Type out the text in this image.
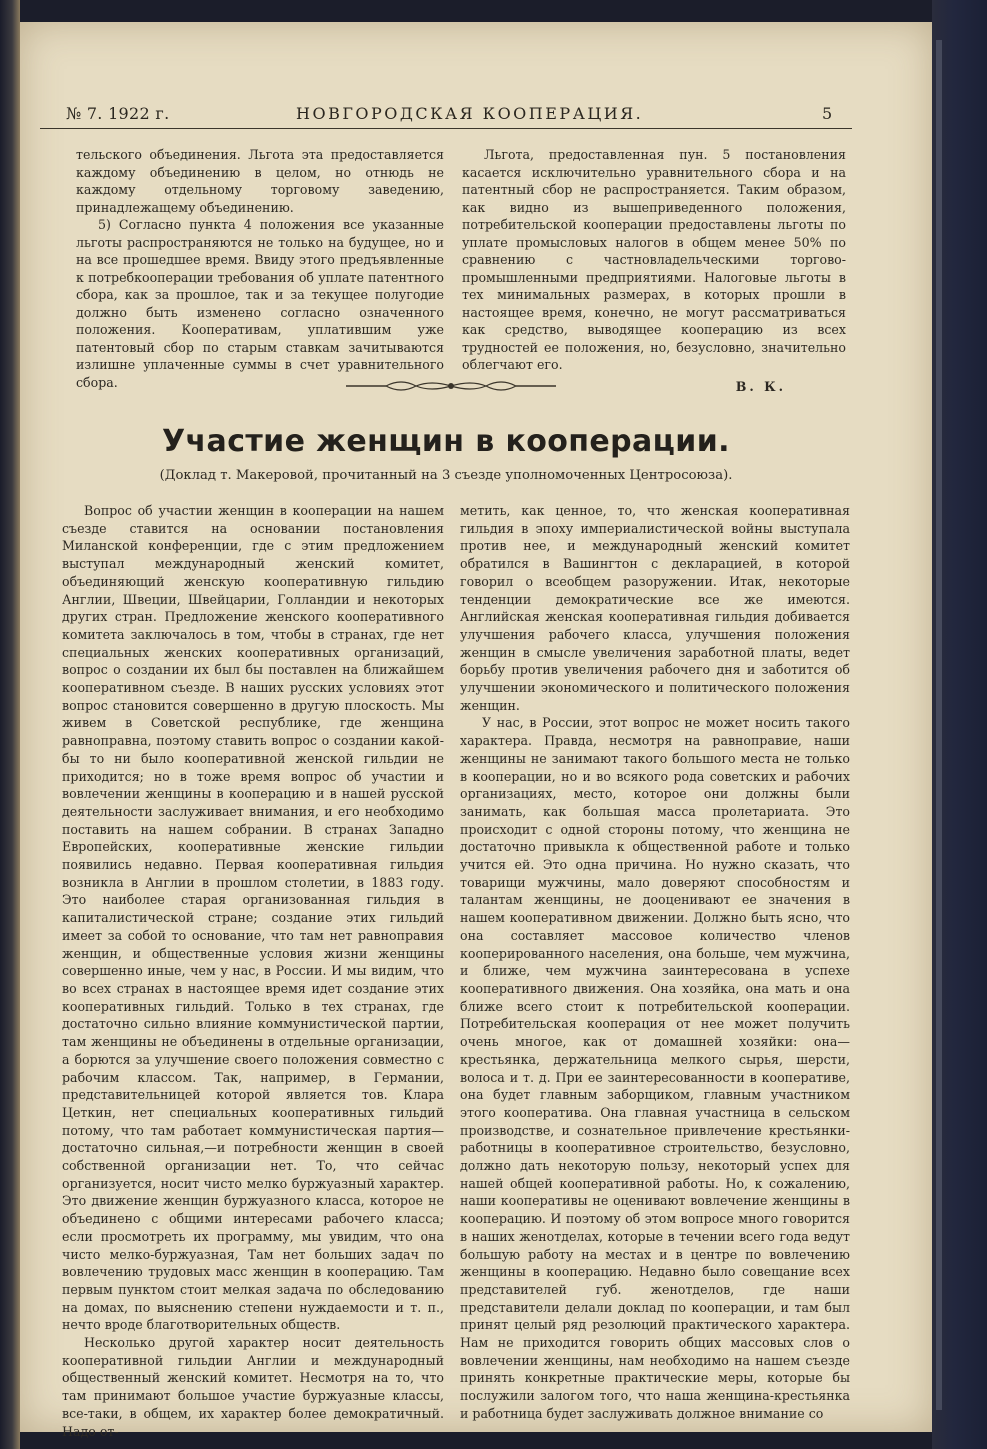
№ 7. 1922 г.	НОВГОРОДСКАЯ КООПЕРАЦИЯ.	5

тельского объединения. Льгота эта предоставляется каждому объединению в целом, но отнюдь не каждому отдельному торговому заведению, принадлежащему объединению.

5) Согласно пункта 4 положения все указанные льготы распространяются не только на будущее, но и на все прошедшее время. Ввиду этого предъявленные к потребкооперации требования об уплате патентного сбора, как за прошлое, так и за текущее полугодие должно быть изменено согласно означенного положения. Кооперативам, уплатившим уже патентовый сбор по старым ставкам зачитываются излишне уплаченные суммы в счет уравнительного сбора.

Льгота, предоставленная пун. 5 постановления касается исключительно уравнительного сбора и на патентный сбор не распространяется. Таким образом, как видно из вышеприведенного положения, потребительской кооперации предоставлены льготы по уплате промысловых налогов в общем менее 50% по сравнению с частновладельческими торгово-промышленными предприятиями. Налоговые льготы в тех минимальных размерах, в которых прошли в настоящее время, конечно, не могут рассматриваться как средство, выводящее кооперацию из всех трудностей ее положения, но, безусловно, значительно облегчают его.

В. К.

Участие женщин в кооперации.
(Доклад т. Макеровой, прочитанный на 3 съезде уполномоченных Центросоюза).

Вопрос об участии женщин в кооперации на нашем съезде ставится на основании постановления Миланской конференции, где с этим предложением выступал международный женский комитет, объединяющий женскую кооперативную гильдию Англии, Швеции, Швейцарии, Голландии и некоторых других стран. Предложение женского кооперативного комитета заключалось в том, чтобы в странах, где нет специальных женских кооперативных организаций, вопрос о создании их был бы поставлен на ближайшем кооперативном съезде. В наших русских условиях этот вопрос становится совершенно в другую плоскость. Мы живем в Советской республике, где женщина равноправна, поэтому ставить вопрос о создании какой-бы то ни было кооперативной женской гильдии не приходится; но в тоже время вопрос об участии и вовлечении женщины в кооперацию и в нашей русской деятельности заслуживает внимания, и его необходимо поставить на нашем собрании. В странах Западно Европейских, кооперативные женские гильдии появились недавно. Первая кооперативная гильдия возникла в Англии в прошлом столетии, в 1883 году. Это наиболее старая организованная гильдия в капиталистической стране; создание этих гильдий имеет за собой то основание, что там нет равноправия женщин, и общественные условия жизни женщины совершенно иные, чем у нас, в России. И мы видим, что во всех странах в настоящее время идет создание этих кооперативных гильдий. Только в тех странах, где достаточно сильно влияние коммунистической партии, там женщины не объединены в отдельные организации, а борются за улучшение своего положения совместно с рабочим классом. Так, например, в Германии, представительницей которой является тов. Клара Цеткин, нет специальных кооперативных гильдий потому, что там работает коммунистическая партия—достаточно сильная,—и потребности женщин в своей собственной организации нет. То, что сейчас организуется, носит чисто мелко буржуазный характер. Это движение женщин буржуазного класса, которое не объединено с общими интересами рабочего класса; если просмотреть их программу, мы увидим, что она чисто мелко-буржуазная, Там нет больших задач по вовлечению трудовых масс женщин в кооперацию. Там первым пунктом стоит мелкая задача по обследованию на домах, по выяснению степени нуждаемости и т. п., нечто вроде благотворительных обществ.

Несколько другой характер носит деятельность кооперативной гильдии Англии и международный общественный женский комитет. Несмотря на то, что там принимают большое участие буржуазные классы, все-таки, в общем, их характер более демократичный. Надо от-

метить, как ценное, то, что женская кооперативная гильдия в эпоху империалистической войны выступала против нее, и международный женский комитет обратился в Вашингтон с декларацией, в которой говорил о всеобщем разоружении. Итак, некоторые тенденции демократические все же имеются. Английская женская кооперативная гильдия добивается улучшения рабочего класса, улучшения положения женщин в смысле увеличения заработной платы, ведет борьбу против увеличения рабочего дня и заботится об улучшении экономического и политического положения женщин.

У нас, в России, этот вопрос не может носить такого характера. Правда, несмотря на равноправие, наши женщины не занимают такого большого места не только в кооперации, но и во всякого рода советских и рабочих организациях, место, которое они должны были занимать, как большая масса пролетариата. Это происходит с одной стороны потому, что женщина не достаточно привыкла к общественной работе и только учится ей. Это одна причина. Но нужно сказать, что товарищи мужчины, мало доверяют способностям и талантам женщины, не дооценивают ее значения в нашем кооперативном движении. Должно быть ясно, что она составляет массовое количество членов кооперированного населения, она больше, чем мужчина, и ближе, чем мужчина заинтересована в успехе кооперативного движения. Она хозяйка, она мать и она ближе всего стоит к потребительской кооперации. Потребительская кооперация от нее может получить очень многое, как от домашней хозяйки: она—крестьянка, держательница мелкого сырья, шерсти, волоса и т. д. При ее заинтересованности в кооперативе, она будет главным заборщиком, главным участником этого кооператива. Она главная участница в сельском производстве, и сознательное привлечение крестьянки-работницы в кооперативное строительство, безусловно, должно дать некоторую пользу, некоторый успех для нашей общей кооперативной работы. Но, к сожалению, наши кооперативы не оценивают вовлечение женщины в кооперацию. И поэтому об этом вопросе много говорится в наших женотделах, которые в течении всего года ведут большую работу на местах и в центре по вовлечению женщины в кооперацию. Недавно было совещание всех представителей губ. женотделов, где наши представители делали доклад по кооперации, и там был принят целый ряд резолюций практического характера. Нам не приходится говорить общих массовых слов о вовлечении женщины, нам необходимо на нашем съезде принять конкретные практические меры, которые бы послужили залогом того, что наша женщина-крестьянка и работница будет заслуживать должное внимание со
